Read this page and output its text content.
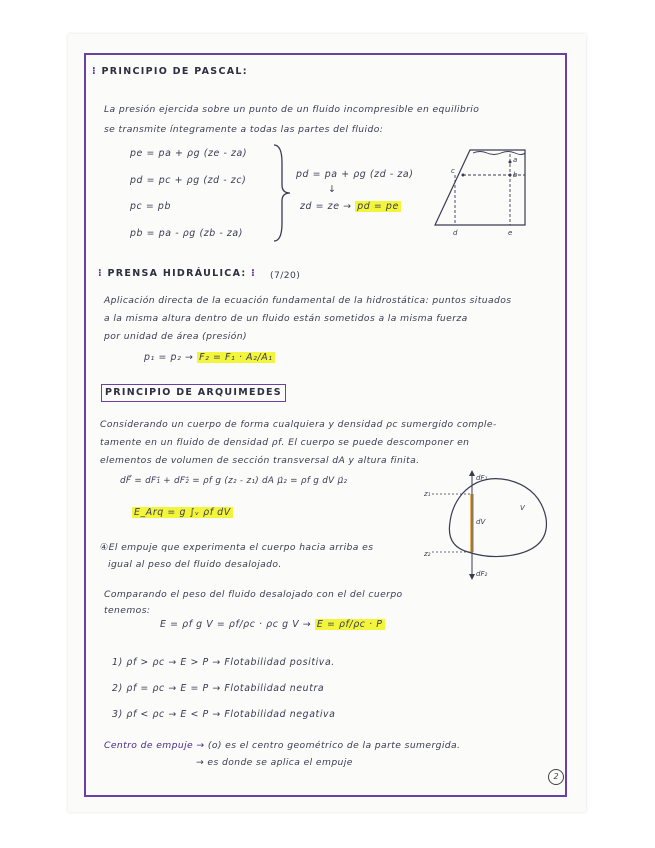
⁝ PRINCIPIO DE PASCAL:
La presión ejercida sobre un punto de un fluido incompresible en equilibrio
se transmite íntegramente a todas las partes del fluido:
pe = pa + ρg (ze - za)
pd = pc + ρg (zd - zc)
pc = pb
pb = pa - ρg (zb - za)
pd = pa + ρg (zd - za)
↓
zd = ze → pd = pe
a
b
c
d	e
⁝ PRENSA HIDRÁULICA: ⁝ (7/20)
Aplicación directa de la ecuación fundamental de la hidrostática: puntos situados
a la misma altura dentro de un fluido están sometidos a la misma fuerza
por unidad de área (presión)
p₁ = p₂ → F₂ = F₁ · A₂/A₁
PRINCIPIO DE ARQUIMEDES
Considerando un cuerpo de forma cualquiera y densidad ρc sumergido comple-
tamente en un fluido de densidad ρf. El cuerpo se puede descomponer en
elementos de volumen de sección transversal dA y altura finita.
dF⃗ = dF₁⃗ + dF₂⃗ = ρf g (z₂ - z₁) dA μ⃗₂ = ρf g dV μ⃗₂
E_Arq = g ∫ᵥ ρf dV
dF₁
dF₂
z₁
z₂
dV
V
④El empuje que experimenta el cuerpo hacia arriba es
igual al peso del fluido desalojado.
Comparando el peso del fluido desalojado con el del cuerpo
tenemos:
E = ρf g V = ρf/ρc · ρc g V → E = ρf/ρc · P
1) ρf > ρc → E > P → Flotabilidad positiva.
2) ρf = ρc → E = P → Flotabilidad neutra
3) ρf < ρc → E < P → Flotabilidad negativa
Centro de empuje → (o) es el centro geométrico de la parte sumergida.
→ es donde se aplica el empuje
2
